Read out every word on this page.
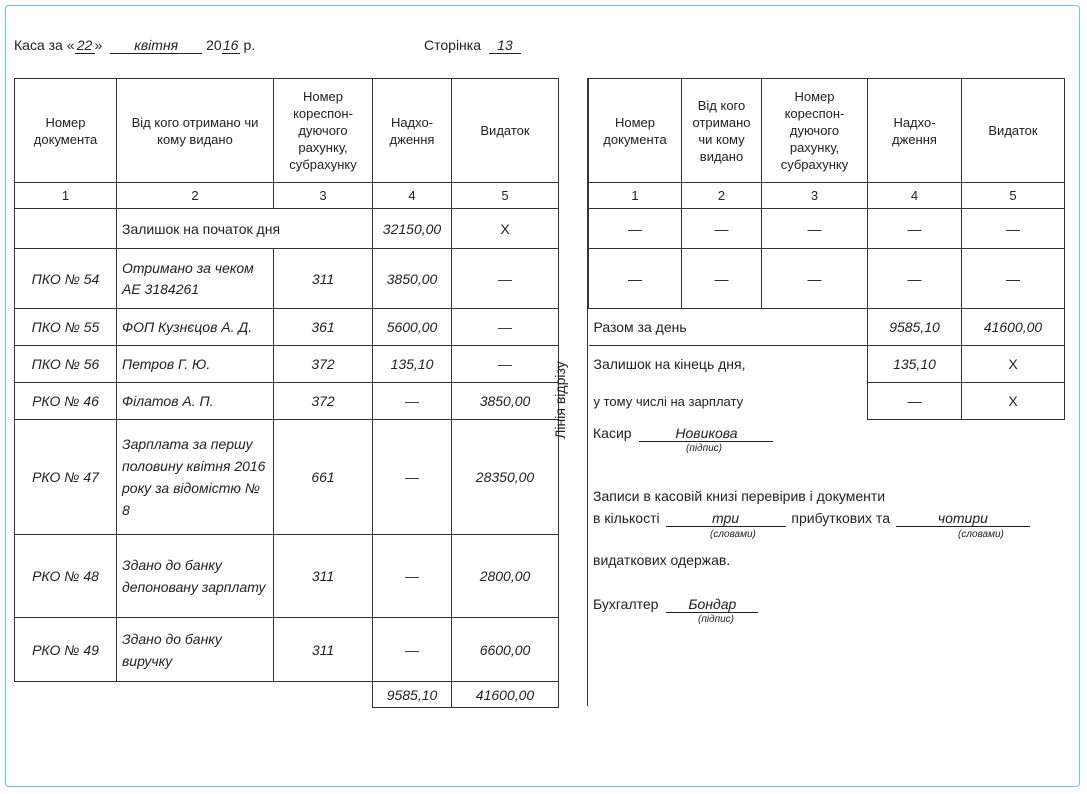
Каса за « 22 » квітня 2016 р.	Сторінка 13
Номер документа	Від кого отримано чи кому видано	Номер кореспон-дуючого рахунку, субрахунку	Надхо-дження	Видаток
1	2	3	4	5
	Залишок на початок дня		32150,00	Х
ПКО № 54	Отримано за чеком АЕ 3184261	311	3850,00	—
ПКО № 55	ФОП Кузнєцов А. Д.	361	5600,00	—
ПКО № 56	Петров Г. Ю.	372	135,10	—
РКО № 46	Філатов А. П.	372	—	3850,00
РКО № 47	Зарплата за першу половину квітня 2016 року за відомістю № 8	661	—	28350,00
РКО № 48	Здано до банку депоновану зарплату	311	—	2800,00
РКО № 49	Здано до банку виручку	311	—	6600,00
			9585,10	41600,00
Лінія відрізу
Номер документа	Від кого отримано чи кому видано	Номер кореспон-дуючого рахунку, субрахунку	Надхо-дження	Видаток
1	2	3	4	5
—	—	—	—	—
—	—	—	—	—
Разом за день			9585,10	41600,00
Залишок на кінець дня,			135,10	Х
у тому числі на зарплату			—	Х
Касир	Новикова
(підпис)
Записи в касовій книзі перевірив і документи
в кількості	три	прибуткових та	чотири
(словами)	(словами)
видаткових одержав.
Бухгалтер Бондар
(підпис)
